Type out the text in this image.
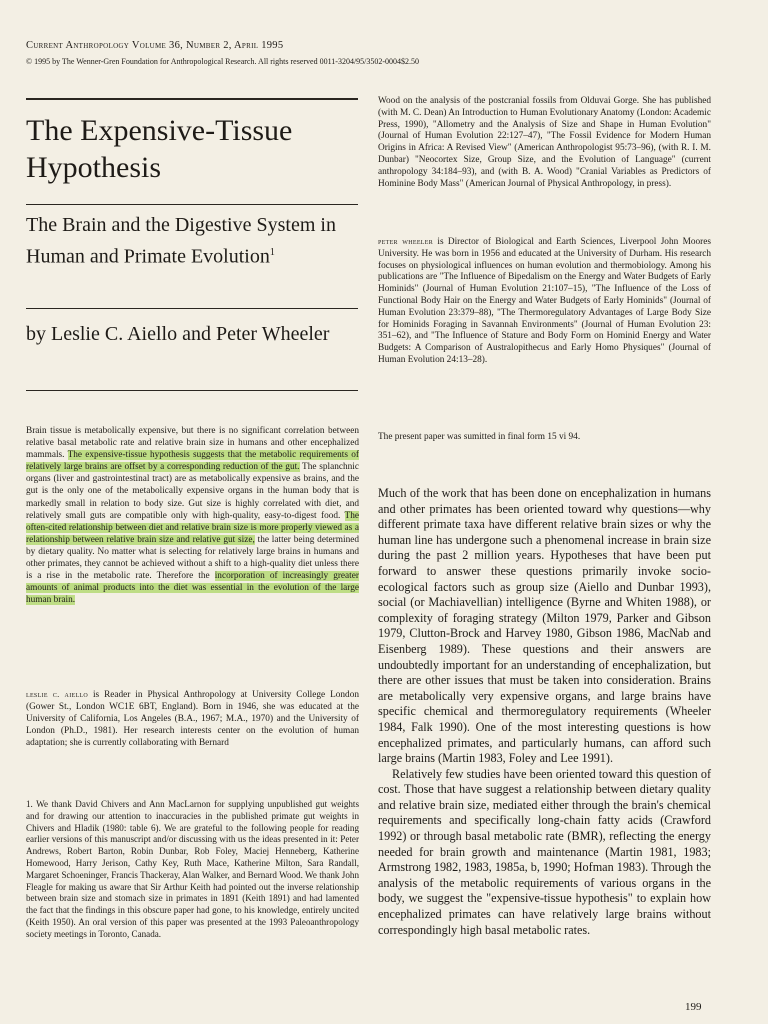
Current Anthropology Volume 36, Number 2, April 1995
© 1995 by The Wenner-Gren Foundation for Anthropological Research. All rights reserved 0011-3204/95/3502-0004$2.50
The Expensive-Tissue Hypothesis
The Brain and the Digestive System in Human and Primate Evolution$^1$
by Leslie C. Aiello and Peter Wheeler

Brain tissue is metabolically expensive, but there is no significant correlation between relative basal metabolic rate and relative brain size in humans and other encephalized mammals. The expensive-tissue hypothesis suggests that the metabolic requirements of relatively large brains are offset by a corresponding reduction of the gut. The splanchnic organs (liver and gastrointestinal tract) are as metabolically expensive as brains, and the gut is the only one of the metabolically expensive organs in the human body that is markedly small in relation to body size. Gut size is highly correlated with diet, and relatively small guts are compatible only with high-quality, easy-to-digest food. The often-cited relationship between diet and relative brain size is more properly viewed as a relationship between relative brain size and relative gut size, the latter being determined by dietary quality. No matter what is selecting for relatively large brains in humans and other primates, they cannot be achieved without a shift to a high-quality diet unless there is a rise in the metabolic rate. Therefore the incorporation of increasingly greater amounts of animal products into the diet was essential in the evolution of the large human brain.

leslie c. aiello is Reader in Physical Anthropology at University College London (Gower St., London WC1E 6BT, England). Born in 1946, she was educated at the University of California, Los Angeles (B.A., 1967; M.A., 1970) and the University of London (Ph.D., 1981). Her research interests center on the evolution of human adaptation; she is currently collaborating with Bernard

1. We thank David Chivers and Ann MacLarnon for supplying unpublished gut weights and for drawing our attention to inaccuracies in the published primate gut weights in Chivers and Hladik (1980: table 6). We are grateful to the following people for reading earlier versions of this manuscript and/or discussing with us the ideas presented in it: Peter Andrews, Robert Barton, Robin Dunbar, Rob Foley, Maciej Henneberg, Katherine Homewood, Harry Jerison, Cathy Key, Ruth Mace, Katherine Milton, Sara Randall, Margaret Schoeninger, Francis Thackeray, Alan Walker, and Bernard Wood. We thank John Fleagle for making us aware that Sir Arthur Keith had pointed out the inverse relationship between brain size and stomach size in primates in 1891 (Keith 1891) and had lamented the fact that the findings in this obscure paper had gone, to his knowledge, entirely uncited (Keith 1950). An oral version of this paper was presented at the 1993 Paleoanthropology society meetings in Toronto, Canada.

Wood on the analysis of the postcranial fossils from Olduvai Gorge. She has published (with M. C. Dean) An Introduction to Human Evolutionary Anatomy (London: Academic Press, 1990), "Allometry and the Analysis of Size and Shape in Human Evolution" (Journal of Human Evolution 22:127–47), "The Fossil Evidence for Modern Human Origins in Africa: A Revised View" (American Anthropologist 95:73–96), (with R. I. M. Dunbar) "Neocortex Size, Group Size, and the Evolution of Language" (current anthropology 34:184–93), and (with B. A. Wood) "Cranial Variables as Predictors of Hominine Body Mass" (American Journal of Physical Anthropology, in press).

peter wheeler is Director of Biological and Earth Sciences, Liverpool John Moores University. He was born in 1956 and educated at the University of Durham. His research focuses on physiological influences on human evolution and thermobiology. Among his publications are "The Influence of Bipedalism on the Energy and Water Budgets of Early Hominids" (Journal of Human Evolution 21:107–15), "The Influence of the Loss of Functional Body Hair on the Energy and Water Budgets of Early Hominids" (Journal of Human Evolution 23:379–88), "The Thermoregulatory Advantages of Large Body Size for Hominids Foraging in Savannah Environments" (Journal of Human Evolution 23: 351–62), and "The Influence of Stature and Body Form on Hominid Energy and Water Budgets: A Comparison of Australopithecus and Early Homo Physiques" (Journal of Human Evolution 24:13–28).

The present paper was sumitted in final form 15 vi 94.

Much of the work that has been done on encephalization in humans and other primates has been oriented toward why questions—why different primate taxa have different relative brain sizes or why the human line has undergone such a phenomenal increase in brain size during the past 2 million years. Hypotheses that have been put forward to answer these questions primarily invoke socio-ecological factors such as group size (Aiello and Dunbar 1993), social (or Machiavellian) intelligence (Byrne and Whiten 1988), or complexity of foraging strategy (Milton 1979, Parker and Gibson 1979, Clutton-Brock and Harvey 1980, Gibson 1986, MacNab and Eisenberg 1989). These questions and their answers are undoubtedly important for an understanding of encephalization, but there are other issues that must be taken into consideration. Brains are metabolically very expensive organs, and large brains have specific chemical and thermoregulatory requirements (Wheeler 1984, Falk 1990). One of the most interesting questions is how encephalized primates, and particularly humans, can afford such large brains (Martin 1983, Foley and Lee 1991).

Relatively few studies have been oriented toward this question of cost. Those that have suggest a relationship between dietary quality and relative brain size, mediated either through the brain's chemical requirements and specifically long-chain fatty acids (Crawford 1992) or through basal metabolic rate (BMR), reflecting the energy needed for brain growth and maintenance (Martin 1981, 1983; Armstrong 1982, 1983, 1985a, b, 1990; Hofman 1983). Through the analysis of the metabolic requirements of various organs in the body, we suggest the "expensive-tissue hypothesis" to explain how encephalized primates can have relatively large brains without correspondingly high basal metabolic rates.

199
